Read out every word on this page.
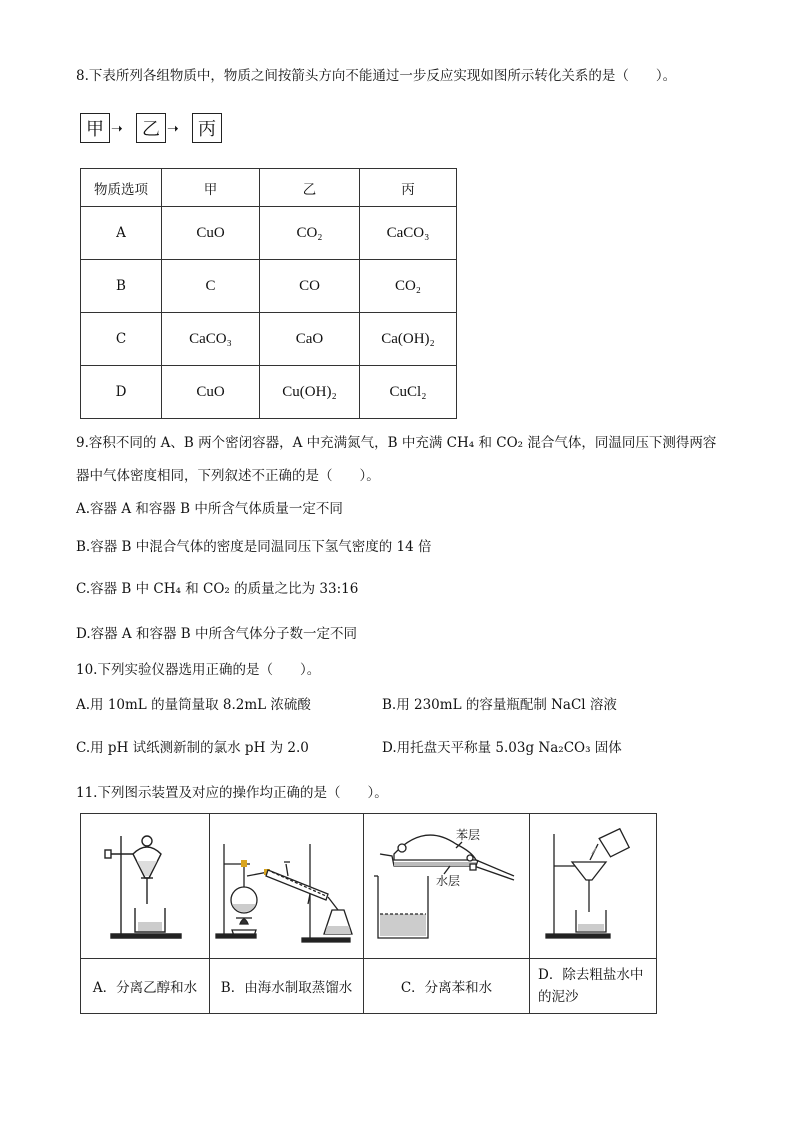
8.下表所列各组物质中，物质之间按箭头方向不能通过一步反应实现如图所示转化关系的是（　　）。
甲 ➝	乙 ➝	丙
物质选项	甲	乙	丙
A	CuO	CO₂	CaCO₃
B	C	CO	CO₂
C	CaCO₃	CaO	Ca(OH)₂
D	CuO	Cu(OH)₂	CuCl₂
9.容积不同的 A、B 两个密闭容器，A 中充满氮气，B 中充满 CH₄ 和 CO₂ 混合气体，同温同压下测得两容
器中气体密度相同，下列叙述不正确的是（　　）。
A.容器 A 和容器 B 中所含气体质量一定不同
B.容器 B 中混合气体的密度是同温同压下氢气密度的 14 倍
C.容器 B 中 CH₄ 和 CO₂ 的质量之比为 33:16
D.容器 A 和容器 B 中所含气体分子数一定不同
10.下列实验仪器选用正确的是（　　）。
A.用 10mL 的量筒量取 8.2mL 浓硫酸	B.用 230mL 的容量瓶配制 NaCl 溶液
C.用 pH 试纸测新制的氯水 pH 为 2.0	D.用托盘天平称量 5.03g Na₂CO₃ 固体
11.下列图示装置及对应的操作均正确的是（　　）。

苯层
水层

A．分离乙醇和水	B．由海水制取蒸馏水	C．分离苯和水	D．除去粗盐水中
的泥沙
